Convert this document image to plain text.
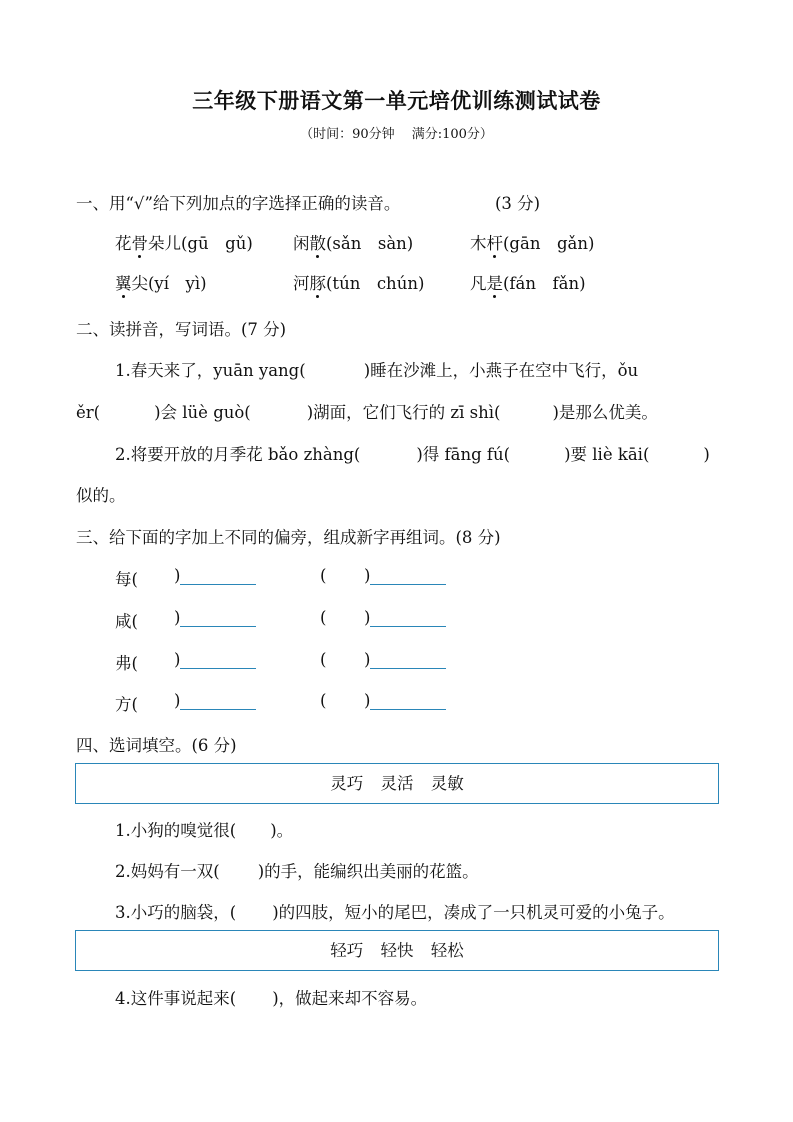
三年级下册语文第一单元培优训练测试试卷
（时间：90分钟　 满分:100分）
一、用“√”给下列加点的字选择正确的读音。	(3 分)
花骨朵儿(gū　gǔ) 闲散(sǎn　sàn)	木杆(gān　gǎn)
翼尖(yí　yì)	河豚(tún　chún)	凡是(fán　fǎn)
二、读拼音，写词语。(7 分)
1.春天来了，yuān yang(	)睡在沙滩上，小燕子在空中飞行，ǒu
ěr(	)会 lüè guò(	)湖面，它们飞行的 zī shì(	)是那么优美。
2.将要开放的月季花 bǎo zhàng(	)得 fāng fú(	)要 liè kāi(	)
似的。
三、给下面的字加上不同的偏旁，组成新字再组词。(8 分)
每( )	( )
咸( )	( )
弗( )	( )
方( )	( )
四、选词填空。(6 分)
灵巧 灵活 灵敏
1.小狗的嗅觉很( )。
2.妈妈有一双( )的手，能编织出美丽的花篮。
3.小巧的脑袋，( )的四肢，短小的尾巴，凑成了一只机灵可爱的小兔子。
轻巧 轻快 轻松
4.这件事说起来( )，做起来却不容易。
